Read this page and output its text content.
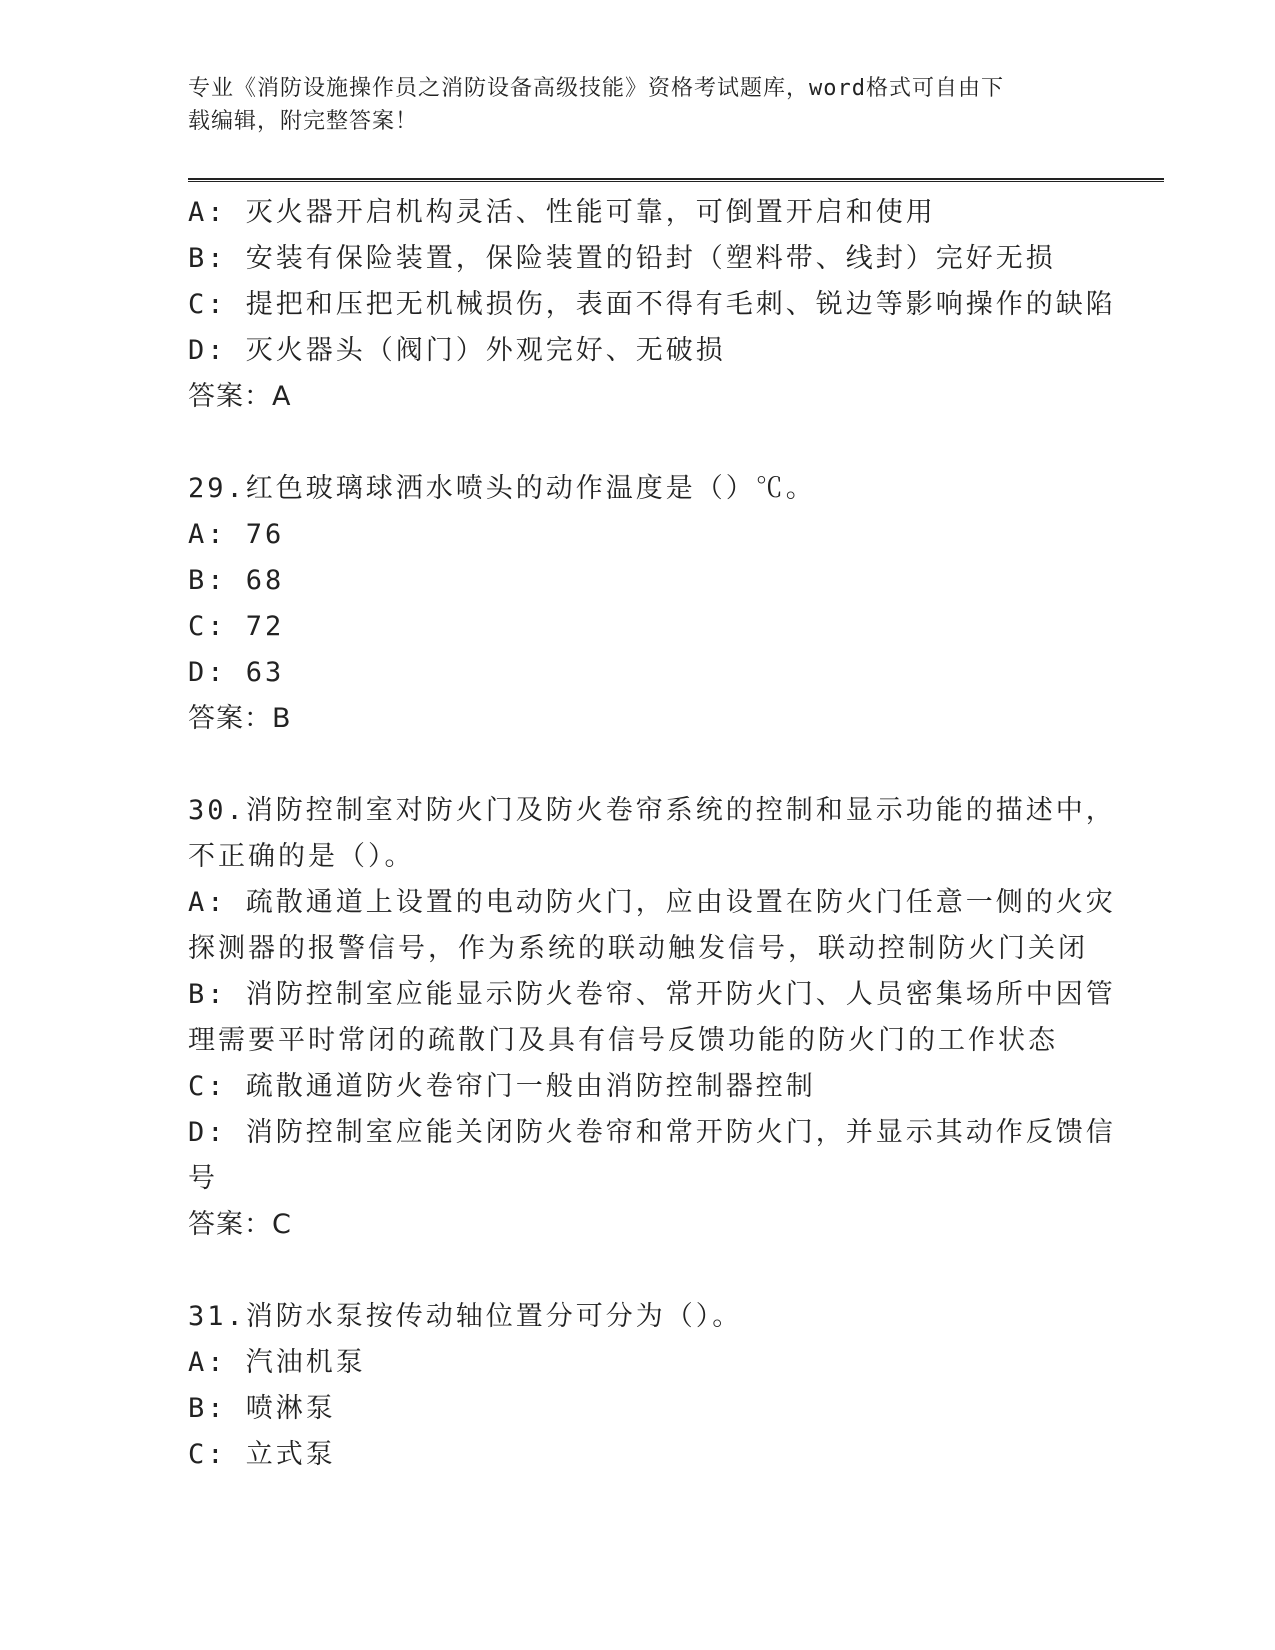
专业《消防设施操作员之消防设备高级技能》资格考试题库，word格式可自由下
载编辑，附完整答案！
A: 灭火器开启机构灵活、性能可靠，可倒置开启和使用
B: 安装有保险装置，保险装置的铅封（塑料带、线封）完好无损
C: 提把和压把无机械损伤，表面不得有毛刺、锐边等影响操作的缺陷
D: 灭火器头（阀门）外观完好、无破损
答案：A
29.红色玻璃球洒水喷头的动作温度是（）℃。
A: 76
B: 68
C: 72
D: 63
答案：B
30.消防控制室对防火门及防火卷帘系统的控制和显示功能的描述中，
不正确的是（）。
A: 疏散通道上设置的电动防火门，应由设置在防火门任意一侧的火灾
探测器的报警信号，作为系统的联动触发信号，联动控制防火门关闭
B: 消防控制室应能显示防火卷帘、常开防火门、人员密集场所中因管
理需要平时常闭的疏散门及具有信号反馈功能的防火门的工作状态
C: 疏散通道防火卷帘门一般由消防控制器控制
D: 消防控制室应能关闭防火卷帘和常开防火门，并显示其动作反馈信
号
答案：C
31.消防水泵按传动轴位置分可分为（）。
A: 汽油机泵
B: 喷淋泵
C: 立式泵
